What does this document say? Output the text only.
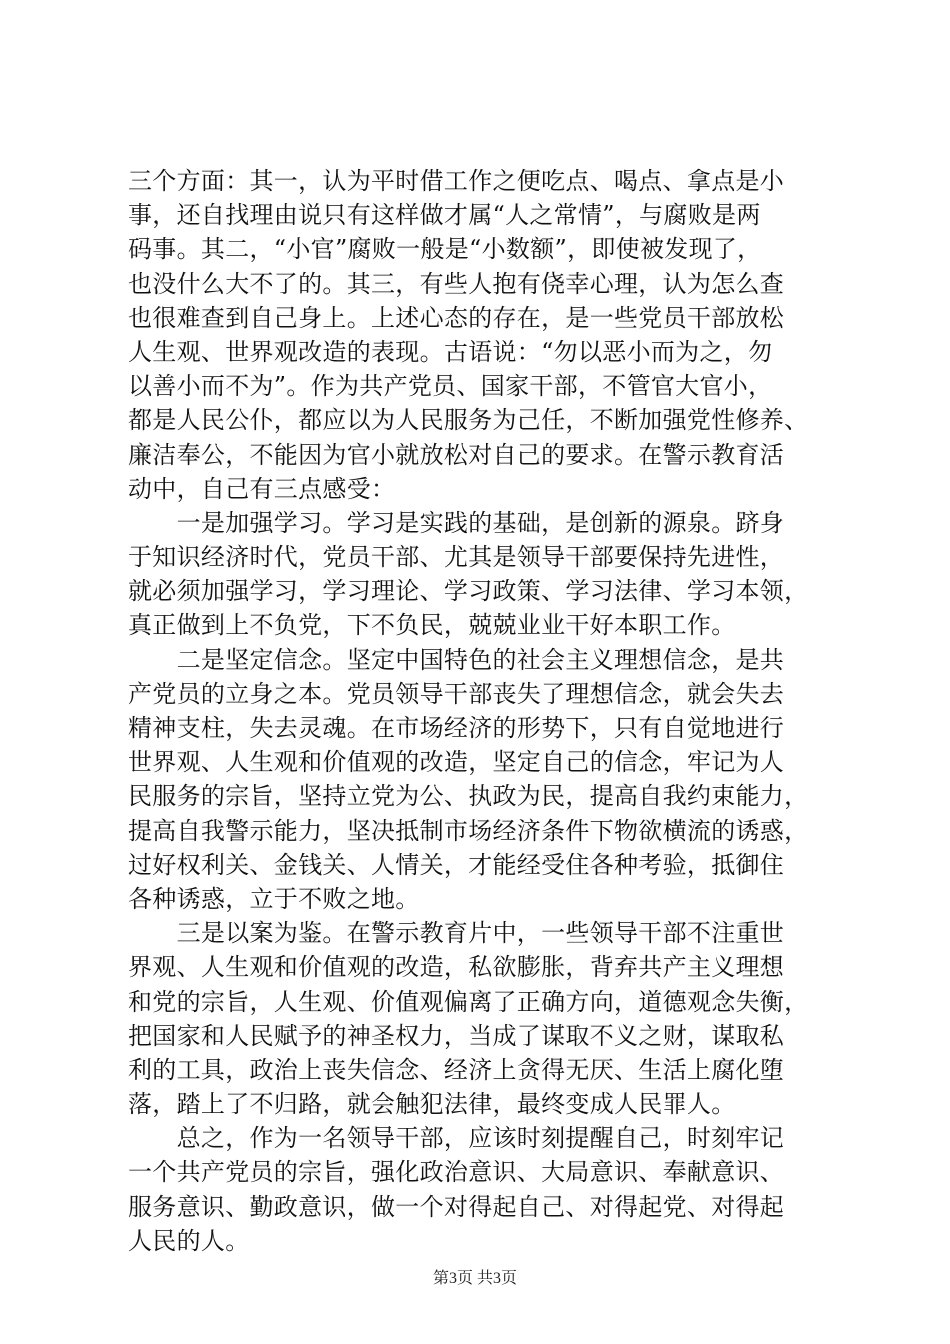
三个方面：其一，认为平时借工作之便吃点、喝点、拿点是小
事，还自找理由说只有这样做才属“人之常情”，与腐败是两
码事。其二，“小官”腐败一般是“小数额”，即使被发现了，
也没什么大不了的。其三，有些人抱有侥幸心理，认为怎么查
也很难查到自己身上。上述心态的存在，是一些党员干部放松
人生观、世界观改造的表现。古语说：“勿以恶小而为之，勿
以善小而不为”。作为共产党员、国家干部，不管官大官小，
都是人民公仆，都应以为人民服务为己任，不断加强党性修养、
廉洁奉公，不能因为官小就放松对自己的要求。在警示教育活
动中，自己有三点感受：
　　一是加强学习。学习是实践的基础，是创新的源泉。跻身
于知识经济时代，党员干部、尤其是领导干部要保持先进性，
就必须加强学习，学习理论、学习政策、学习法律、学习本领，
真正做到上不负党，下不负民，兢兢业业干好本职工作。
　　二是坚定信念。坚定中国特色的社会主义理想信念，是共
产党员的立身之本。党员领导干部丧失了理想信念，就会失去
精神支柱，失去灵魂。在市场经济的形势下，只有自觉地进行
世界观、人生观和价值观的改造，坚定自己的信念，牢记为人
民服务的宗旨，坚持立党为公、执政为民，提高自我约束能力，
提高自我警示能力，坚决抵制市场经济条件下物欲横流的诱惑，
过好权利关、金钱关、人情关，才能经受住各种考验，抵御住
各种诱惑，立于不败之地。
　　三是以案为鉴。在警示教育片中，一些领导干部不注重世
界观、人生观和价值观的改造，私欲膨胀，背弃共产主义理想
和党的宗旨，人生观、价值观偏离了正确方向，道德观念失衡，
把国家和人民赋予的神圣权力，当成了谋取不义之财，谋取私
利的工具，政治上丧失信念、经济上贪得无厌、生活上腐化堕
落，踏上了不归路，就会触犯法律，最终变成人民罪人。
　　总之，作为一名领导干部，应该时刻提醒自己，时刻牢记
一个共产党员的宗旨，强化政治意识、大局意识、奉献意识、
服务意识、勤政意识，做一个对得起自己、对得起党、对得起
人民的人。
第3页 共3页
